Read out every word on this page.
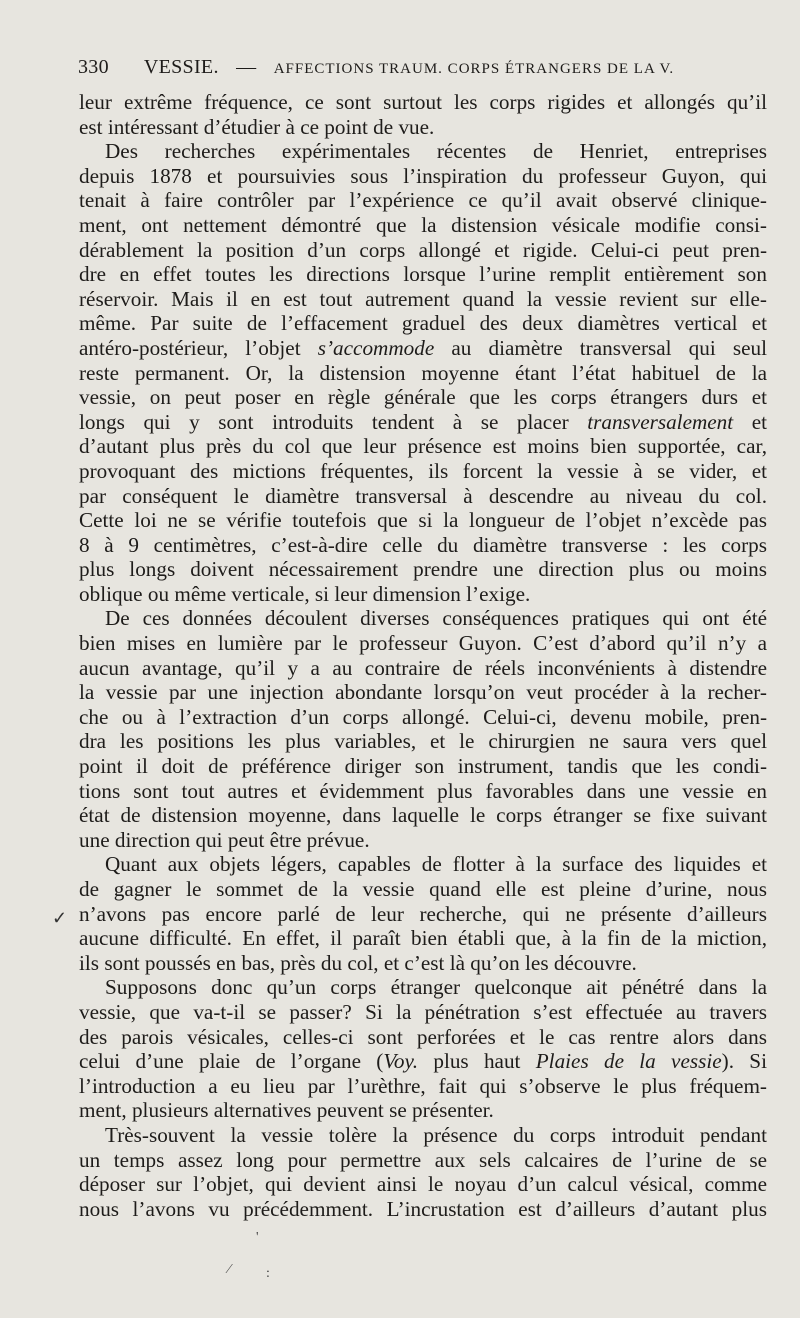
330 VESSIE. — AFFECTIONS TRAUM. CORPS ÉTRANGERS DE LA V.
leur extrême fréquence, ce sont surtout les corps rigides et allongés qu’il
est intéressant d’étudier à ce point de vue.
Des recherches expérimentales récentes de Henriet, entreprises
depuis 1878 et poursuivies sous l’inspiration du professeur Guyon, qui
tenait à faire contrôler par l’expérience ce qu’il avait observé clinique-
ment, ont nettement démontré que la distension vésicale modifie consi-
dérablement la position d’un corps allongé et rigide. Celui-ci peut pren-
dre en effet toutes les directions lorsque l’urine remplit entièrement son
réservoir. Mais il en est tout autrement quand la vessie revient sur elle-
même. Par suite de l’effacement graduel des deux diamètres vertical et
antéro-postérieur, l’objet s’accommode au diamètre transversal qui seul
reste permanent. Or, la distension moyenne étant l’état habituel de la
vessie, on peut poser en règle générale que les corps étrangers durs et
longs qui y sont introduits tendent à se placer transversalement et
d’autant plus près du col que leur présence est moins bien supportée, car,
provoquant des mictions fréquentes, ils forcent la vessie à se vider, et
par conséquent le diamètre transversal à descendre au niveau du col.
Cette loi ne se vérifie toutefois que si la longueur de l’objet n’excède pas
8 à 9 centimètres, c’est-à-dire celle du diamètre transverse : les corps
plus longs doivent nécessairement prendre une direction plus ou moins
oblique ou même verticale, si leur dimension l’exige.
De ces données découlent diverses conséquences pratiques qui ont été
bien mises en lumière par le professeur Guyon. C’est d’abord qu’il n’y a
aucun avantage, qu’il y a au contraire de réels inconvénients à distendre
la vessie par une injection abondante lorsqu’on veut procéder à la recher-
che ou à l’extraction d’un corps allongé. Celui-ci, devenu mobile, pren-
dra les positions les plus variables, et le chirurgien ne saura vers quel
point il doit de préférence diriger son instrument, tandis que les condi-
tions sont tout autres et évidemment plus favorables dans une vessie en
état de distension moyenne, dans laquelle le corps étranger se fixe suivant
une direction qui peut être prévue.
Quant aux objets légers, capables de flotter à la surface des liquides et
de gagner le sommet de la vessie quand elle est pleine d’urine, nous
n’avons pas encore parlé de leur recherche, qui ne présente d’ailleurs
aucune difficulté. En effet, il paraît bien établi que, à la fin de la miction,
ils sont poussés en bas, près du col, et c’est là qu’on les découvre.
Supposons donc qu’un corps étranger quelconque ait pénétré dans la
vessie, que va-t-il se passer? Si la pénétration s’est effectuée au travers
des parois vésicales, celles-ci sont perforées et le cas rentre alors dans
celui d’une plaie de l’organe (Voy. plus haut Plaies de la vessie). Si
l’introduction a eu lieu par l’urèthre, fait qui s’observe le plus fréquem-
ment, plusieurs alternatives peuvent se présenter.
Très-souvent la vessie tolère la présence du corps introduit pendant
un temps assez long pour permettre aux sels calcaires de l’urine de se
déposer sur l’objet, qui devient ainsi le noyau d’un calcul vésical, comme
nous l’avons vu précédemment. L’incrustation est d’ailleurs d’autant plus
✓
'
⁄	:
